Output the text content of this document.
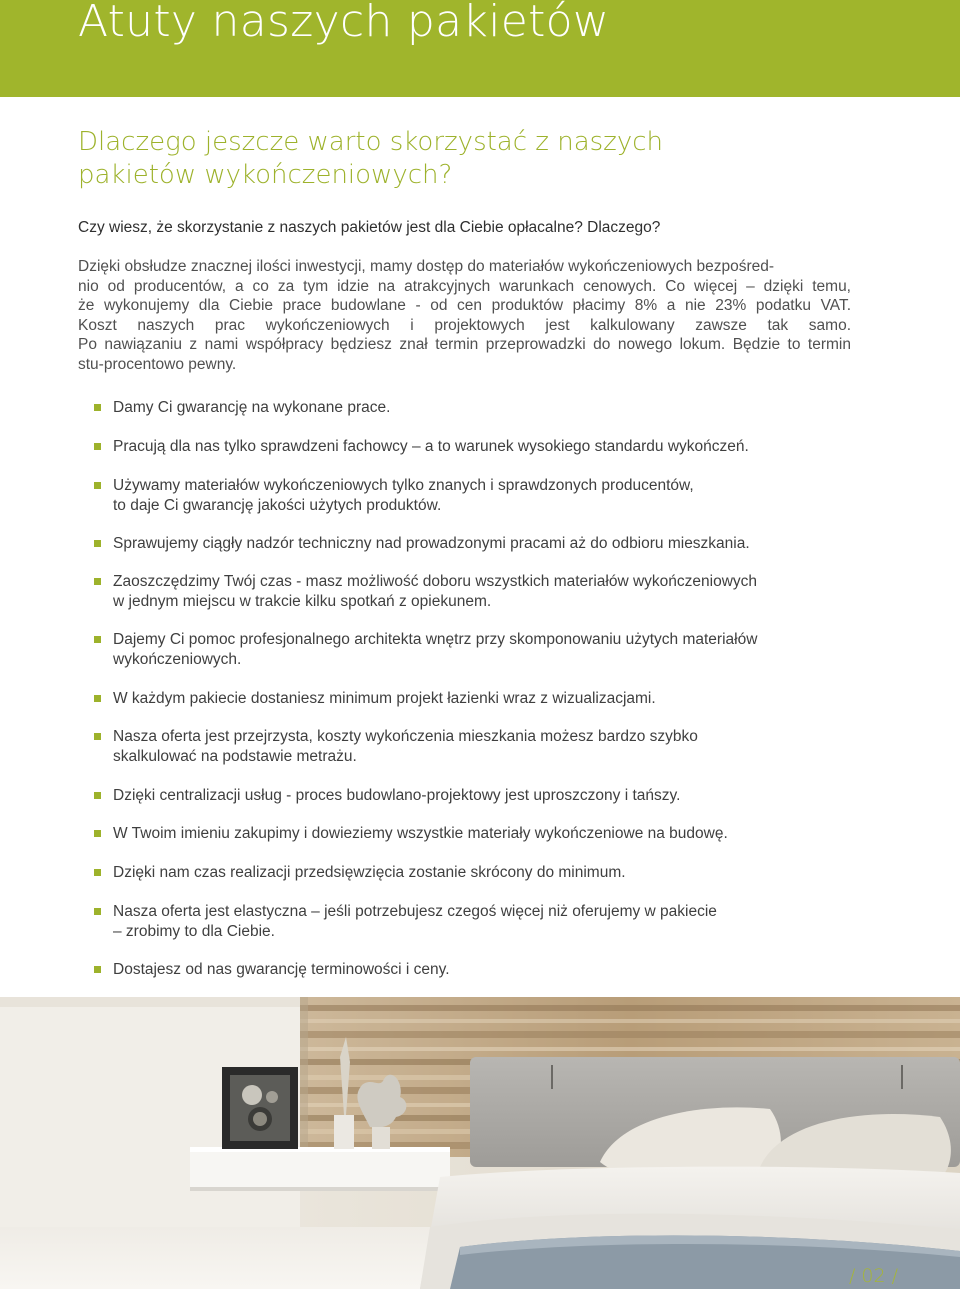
Atuty naszych pakietów
Dlaczego jeszcze warto skorzystać z naszych pakietów wykończeniowych?
Czy wiesz, że skorzystanie z naszych pakietów jest dla Ciebie opłacalne? Dlaczego?
Dzięki obsłudze znacznej ilości inwestycji, mamy dostęp do materiałów wykończeniowych bezpośred-
nio od producentów, a co za tym idzie na atrakcyjnych warunkach cenowych. Co więcej – dzięki temu,
że wykonujemy dla Ciebie prace budowlane - od cen produktów płacimy 8% a nie 23% podatku VAT.
Koszt naszych prac wykończeniowych i projektowych jest kalkulowany zawsze tak samo.
Po nawiązaniu z nami współpracy będziesz znał termin przeprowadzki do nowego lokum. Będzie to termin
stu-procentowo pewny.
Damy Ci gwarancję na wykonane prace.
Pracują dla nas tylko sprawdzeni fachowcy – a to warunek wysokiego standardu wykończeń.
Używamy materiałów wykończeniowych tylko znanych i sprawdzonych producentów,
to daje Ci gwarancję jakości użytych produktów.
Sprawujemy ciągły nadzór techniczny nad prowadzonymi pracami aż do odbioru mieszkania.
Zaoszczędzimy Twój czas - masz możliwość doboru wszystkich materiałów wykończeniowych
w jednym miejscu w trakcie kilku spotkań z opiekunem.
Dajemy Ci pomoc profesjonalnego architekta wnętrz przy skomponowaniu użytych materiałów
wykończeniowych.
W każdym pakiecie dostaniesz minimum projekt łazienki wraz z wizualizacjami.
Nasza oferta jest przejrzysta, koszty wykończenia mieszkania możesz bardzo szybko
skalkulować na podstawie metrażu.
Dzięki centralizacji usług - proces budowlano-projektowy jest uproszczony i tańszy.
W Twoim imieniu zakupimy i dowieziemy wszystkie materiały wykończeniowe na budowę.
Dzięki nam czas realizacji przedsięwzięcia zostanie skrócony do minimum.
Nasza oferta jest elastyczna – jeśli potrzebujesz czegoś więcej niż oferujemy w pakiecie
– zrobimy to dla Ciebie.
Dostajesz od nas gwarancję terminowości i ceny.
/ 02 /
